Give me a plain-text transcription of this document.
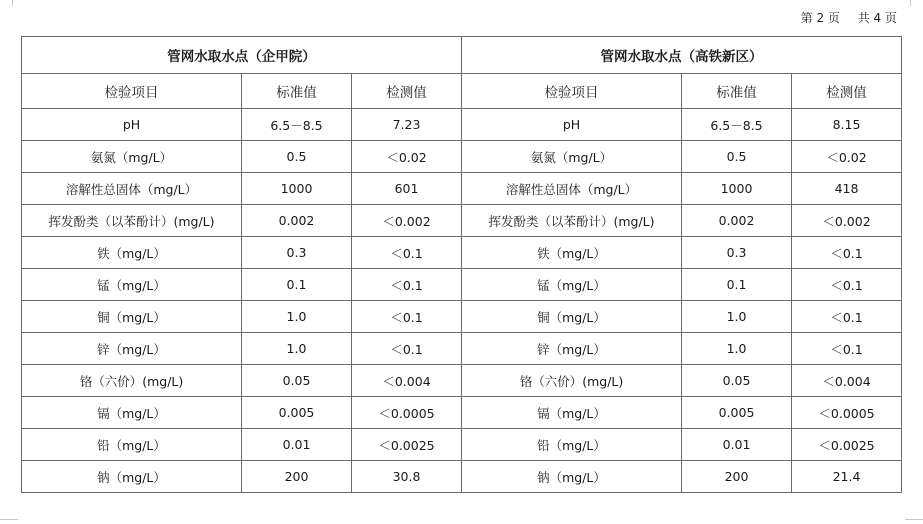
第 2 页 共 4 页
管网水取水点（企甲院）			管网水取水点（高铁新区）		
检验项目	标准值	检测值	检验项目	标准值	检测值
pH	6.5－8.5	7.23	pH	6.5－8.5	8.15
氨氮（mg/L）	0.5	＜0.02	氨氮（mg/L）	0.5	＜0.02
溶解性总固体（mg/L）	1000	601	溶解性总固体（mg/L）	1000	418
挥发酚类（以苯酚计）(mg/L)	0.002	＜0.002	挥发酚类（以苯酚计）(mg/L)	0.002	＜0.002
铁（mg/L）	0.3	＜0.1	铁（mg/L）	0.3	＜0.1
锰（mg/L）	0.1	＜0.1	锰（mg/L）	0.1	＜0.1
铜（mg/L）	1.0	＜0.1	铜（mg/L）	1.0	＜0.1
锌（mg/L）	1.0	＜0.1	锌（mg/L）	1.0	＜0.1
铬（六价）(mg/L)	0.05	＜0.004	铬（六价）(mg/L)	0.05	＜0.004
镉（mg/L）	0.005	＜0.0005	镉（mg/L）	0.005	＜0.0005
铅（mg/L）	0.01	＜0.0025	铅（mg/L）	0.01	＜0.0025
钠（mg/L）	200	30.8	钠（mg/L）	200	21.4
